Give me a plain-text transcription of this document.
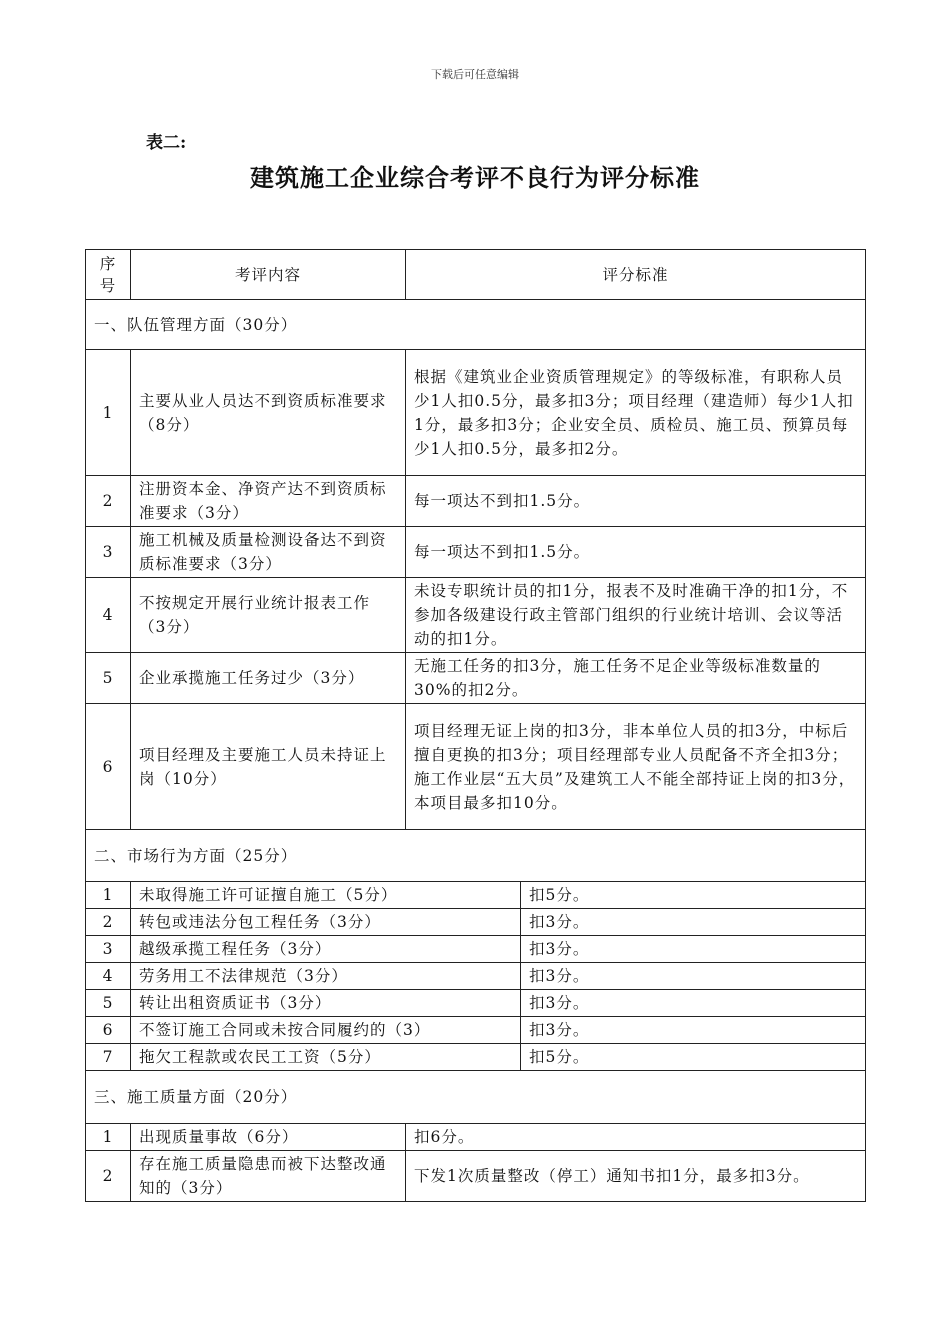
下载后可任意编辑
表二:
建筑施工企业综合考评不良行为评分标准
序号	考评内容	评分标准	
一、队伍管理方面（30分）			
1	主要从业人员达不到资质标准要求（8分）	根据《建筑业企业资质管理规定》的等级标准，有职称人员少1人扣0.5分，最多扣3分；项目经理（建造师）每少1人扣1分，最多扣3分；企业安全员、质检员、施工员、预算员每少1人扣0.5分，最多扣2分。	
2	注册资本金、净资产达不到资质标准要求（3分）	每一项达不到扣1.5分。	
3	施工机械及质量检测设备达不到资质标准要求（3分）	每一项达不到扣1.5分。	
4	不按规定开展行业统计报表工作（3分）	未设专职统计员的扣1分，报表不及时准确干净的扣1分，不参加各级建设行政主管部门组织的行业统计培训、会议等活动的扣1分。	
5	企业承揽施工任务过少（3分）	无施工任务的扣3分，施工任务不足企业等级标准数量的30%的扣2分。	
6	项目经理及主要施工人员未持证上岗（10分）	项目经理无证上岗的扣3分，非本单位人员的扣3分，中标后擅自更换的扣3分；项目经理部专业人员配备不齐全扣3分；施工作业层“五大员”及建筑工人不能全部持证上岗的扣3分，本项目最多扣10分。	
二、市场行为方面（25分）			
1	未取得施工许可证擅自施工（5分）		扣5分。
2	转包或违法分包工程任务（3分）		扣3分。
3	越级承揽工程任务（3分）		扣3分。
4	劳务用工不法律规范（3分）		扣3分。
5	转让出租资质证书（3分）		扣3分。
6	不签订施工合同或未按合同履约的（3）		扣3分。
7	拖欠工程款或农民工工资（5分）		扣5分。
三、施工质量方面（20分）			
1	出现质量事故（6分）	扣6分。	
2	存在施工质量隐患而被下达整改通知的（3分）	下发1次质量整改（停工）通知书扣1分，最多扣3分。	
